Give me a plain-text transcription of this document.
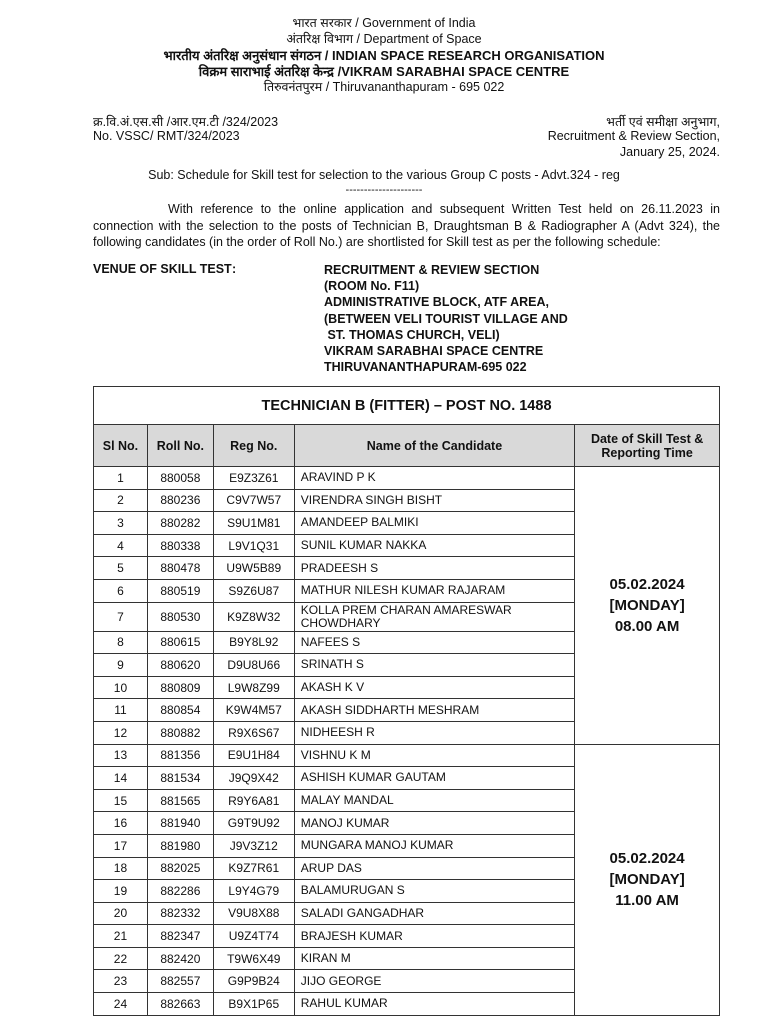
भारत सरकार / Government of India
अंतरिक्ष विभाग / Department of Space
भारतीय अंतरिक्ष अनुसंधान संगठन / INDIAN SPACE RESEARCH ORGANISATION
विक्रम साराभाई अंतरिक्ष केन्द्र /VIKRAM SARABHAI SPACE CENTRE
तिरुवनंतपुरम / Thiruvananthapuram - 695 022
क्र.वि.अं.एस.सी /आर.एम.टी /324/2023
No. VSSC/ RMT/324/2023
भर्ती एवं समीक्षा अनुभाग,
Recruitment & Review Section,
January 25, 2024.
Sub: Schedule for Skill test for selection to the various Group C posts - Advt.324 - reg
---------------------
With reference to the online application and subsequent Written Test held on 26.11.2023 in connection with the selection to the posts of Technician B, Draughtsman B & Radiographer A (Advt 324), the following candidates (in the order of Roll No.) are shortlisted for Skill test as per the following schedule:
VENUE OF SKILL TEST :	RECRUITMENT & REVIEW SECTION
(ROOM No. F11)
ADMINISTRATIVE BLOCK, ATF AREA,
(BETWEEN VELI TOURIST VILLAGE AND
ST. THOMAS CHURCH, VELI)
VIKRAM SARABHAI SPACE CENTRE
THIRUVANANTHAPURAM-695 022
TECHNICIAN B (FITTER) – POST NO. 1488				
Sl No.	Roll No.	Reg No.	Name of the Candidate	Date of Skill Test & Reporting Time
1	880058	E9Z3Z61	ARAVIND P K	05.02.2024
[MONDAY]
08.00 AM

2	880236	C9V7W57	VIRENDRA SINGH BISHT	
3	880282	S9U1M81	AMANDEEP BALMIKI	
4	880338	L9V1Q31	SUNIL KUMAR NAKKA	
5	880478	U9W5B89	PRADEESH S	
6	880519	S9Z6U87	MATHUR NILESH KUMAR RAJARAM	
7	880530	K9Z8W32	KOLLA PREM CHARAN AMARESWAR CHOWDHARY	
8	880615	B9Y8L92	NAFEES S	
9	880620	D9U8U66	SRINATH S	
10	880809	L9W8Z99	AKASH K V	
11	880854	K9W4M57	AKASH SIDDHARTH MESHRAM	
12	880882	R9X6S67	NIDHEESH R	
13	881356	E9U1H84	VISHNU K M	05.02.2024
[MONDAY]
11.00 AM

14	881534	J9Q9X42	ASHISH KUMAR GAUTAM	
15	881565	R9Y6A81	MALAY MANDAL	
16	881940	G9T9U92	MANOJ KUMAR	
17	881980	J9V3Z12	MUNGARA MANOJ KUMAR	
18	882025	K9Z7R61	ARUP DAS	
19	882286	L9Y4G79	BALAMURUGAN S	
20	882332	V9U8X88	SALADI GANGADHAR	
21	882347	U9Z4T74	BRAJESH KUMAR	
22	882420	T9W6X49	KIRAN M	
23	882557	G9P9B24	JIJO GEORGE	
24	882663	B9X1P65	RAHUL KUMAR	
